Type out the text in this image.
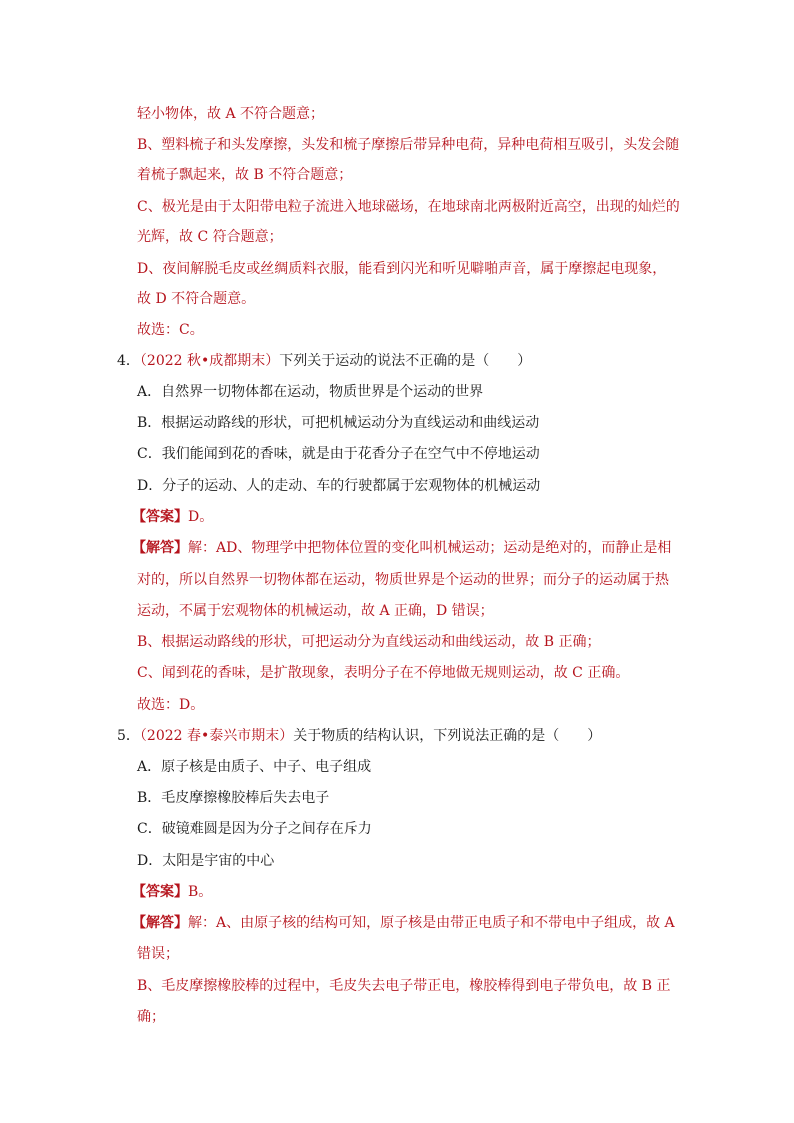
轻小物体，故 A 不符合题意；
B、塑料梳子和头发摩擦，头发和梳子摩擦后带异种电荷，异种电荷相互吸引，头发会随
着梳子飘起来，故 B 不符合题意；
C、极光是由于太阳带电粒子流进入地球磁场，在地球南北两极附近高空，出现的灿烂的
光辉，故 C 符合题意；
D、夜间解脱毛皮或丝绸质料衣服，能看到闪光和听见噼啪声音，属于摩擦起电现象，
故 D 不符合题意。
故选：C。
4．（2022 秋•成都期末）下列关于运动的说法不正确的是（　　）
A．自然界一切物体都在运动，物质世界是个运动的世界
B．根据运动路线的形状，可把机械运动分为直线运动和曲线运动
C．我们能闻到花的香味，就是由于花香分子在空气中不停地运动
D．分子的运动、人的走动、车的行驶都属于宏观物体的机械运动
【答案】D。
【解答】解：AD、物理学中把物体位置的变化叫机械运动；运动是绝对的，而静止是相
对的，所以自然界一切物体都在运动，物质世界是个运动的世界；而分子的运动属于热
运动，不属于宏观物体的机械运动，故 A 正确，D 错误；
B、根据运动路线的形状，可把运动分为直线运动和曲线运动，故 B 正确；
C、闻到花的香味，是扩散现象，表明分子在不停地做无规则运动，故 C 正确。
故选：D。
5．（2022 春•泰兴市期末）关于物质的结构认识，下列说法正确的是（　　）
A．原子核是由质子、中子、电子组成
B．毛皮摩擦橡胶棒后失去电子
C．破镜难圆是因为分子之间存在斥力
D．太阳是宇宙的中心
【答案】B。
【解答】解：A、由原子核的结构可知，原子核是由带正电质子和不带电中子组成，故 A
错误；
B、毛皮摩擦橡胶棒的过程中，毛皮失去电子带正电，橡胶棒得到电子带负电，故 B 正
确；
